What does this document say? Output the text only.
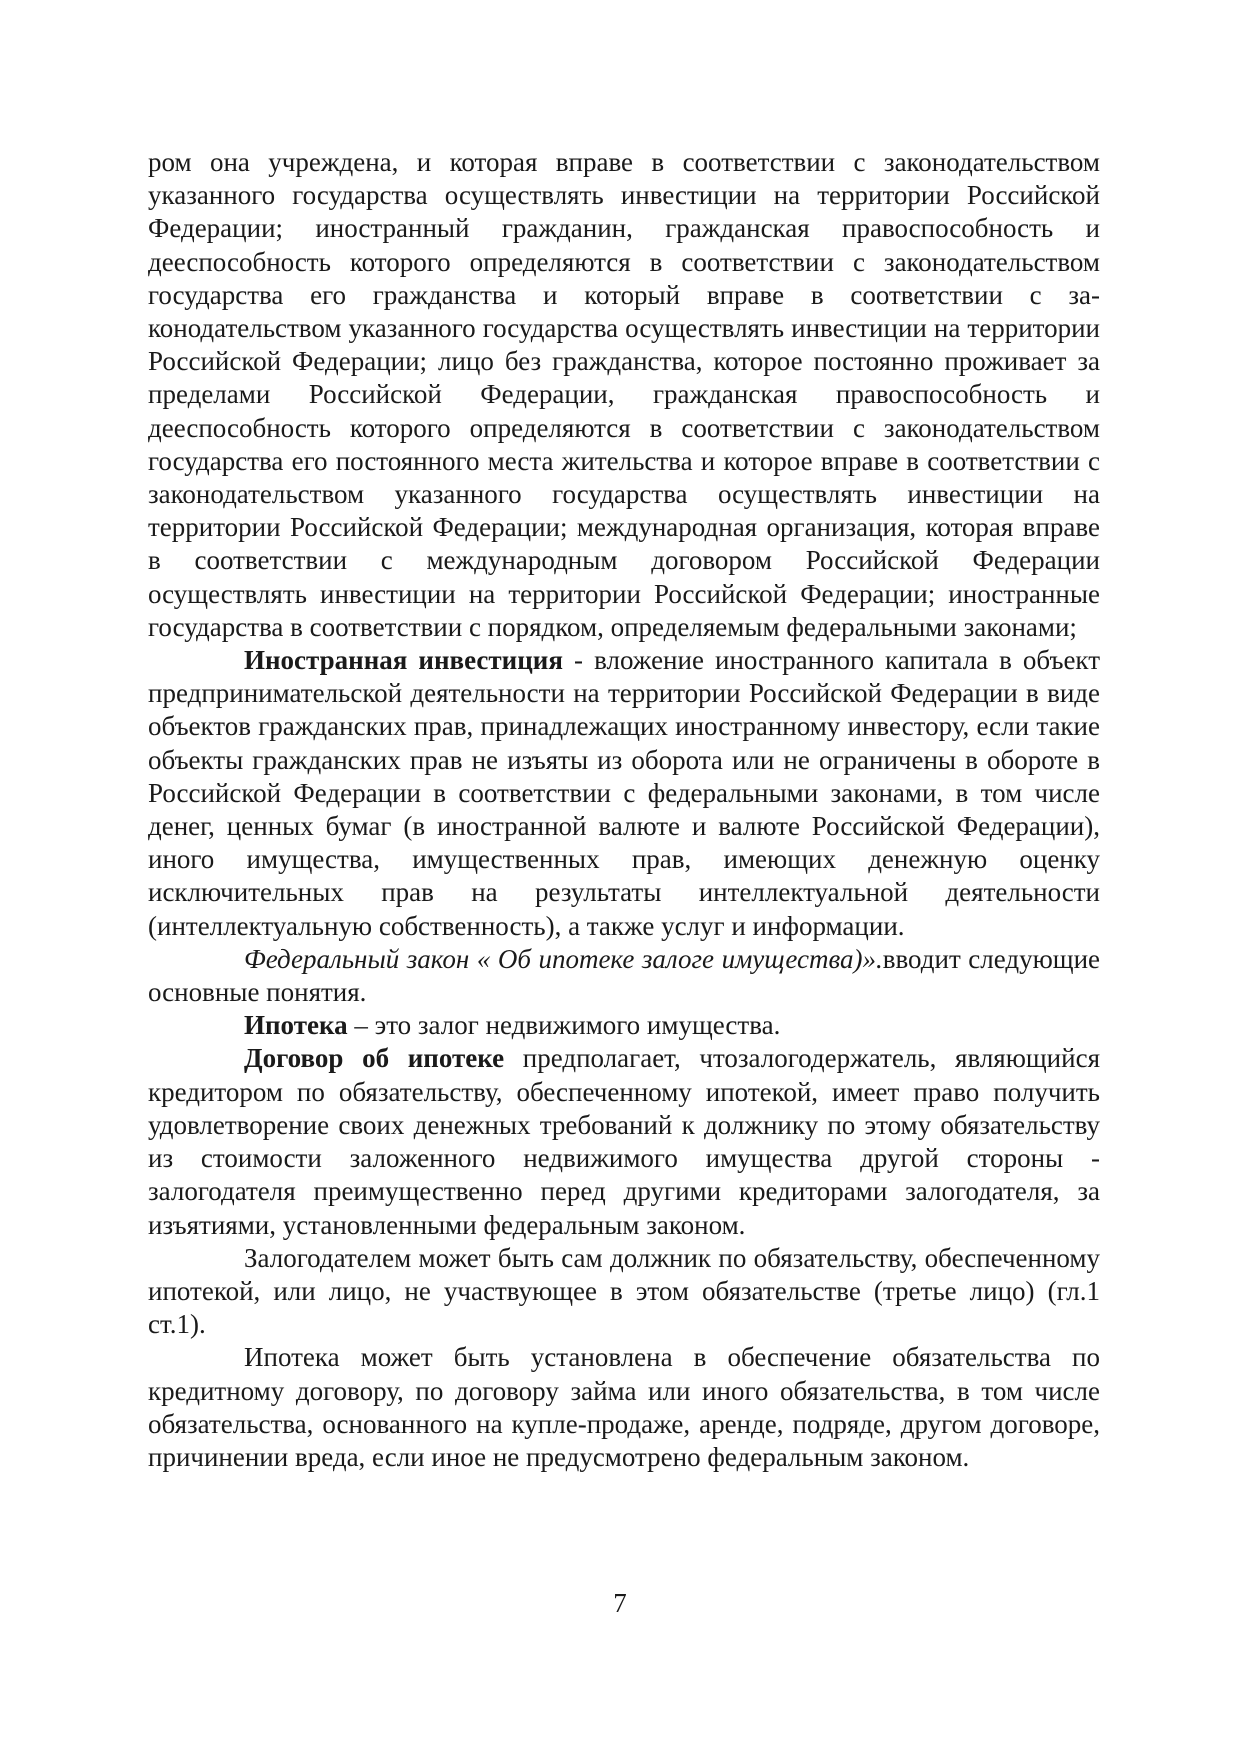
ром она учреждена, и которая вправе в соответствии с законодательством указанного государства осуществлять инвестиции на территории Российской Федерации; иностранный гражданин, гражданская правоспособность и дееспособность которого определяются в соответствии с законодательством государства его гражданства и который вправе в соответствии с законодательством указанного государства осуществлять инвестиции на территории Российской Федерации; лицо без гражданства, которое постоянно проживает за пределами Российской Федерации, гражданская правоспособность и дееспособность которого определяются в соответствии с законодательством государства его постоянного места жительства и которое вправе в соответствии с законодательством указанного государства осуществлять инвестиции на территории Российской Федерации; международная организация, которая вправе в соответствии с международным договором Российской Федерации осуществлять инвестиции на территории Российской Федерации; иностранные государства в соответствии с порядком, определяемым федеральными законами;

Иностранная инвестиция - вложение иностранного капитала в объект предпринимательской деятельности на территории Российской Федерации в виде объектов гражданских прав, принадлежащих иностранному инвестору, если такие объекты гражданских прав не изъяты из оборота или не ограничены в обороте в Российской Федерации в соответствии с федеральными законами, в том числе денег, ценных бумаг (в иностранной валюте и валюте Российской Федерации), иного имущества, имущественных прав, имеющих денежную оценку исключительных прав на результаты интеллектуальной деятельности (интеллектуальную собственность), а также услуг и информации.

Федеральный закон « Об ипотеке залоге имущества)».вводит следующие основные понятия.

Ипотека – это залог недвижимого имущества.

Договор об ипотеке предполагает, чтозалогодержатель, являющийся кредитором по обязательству, обеспеченному ипотекой, имеет право получить удовлетворение своих денежных требований к должнику по этому обязательству из стоимости заложенного недвижимого имущества другой стороны - залогодателя преимущественно перед другими кредиторами залогодателя, за изъятиями, установленными федеральным законом.

Залогодателем может быть сам должник по обязательству, обеспеченному ипотекой, или лицо, не участвующее в этом обязательстве (третье лицо) (гл.1 ст.1).

Ипотека может быть установлена в обеспечение обязательства по кредитному договору, по договору займа или иного обязательства, в том числе обязательства, основанного на купле-продаже, аренде, подряде, другом договоре, причинении вреда, если иное не предусмотрено федеральным законом.

7
